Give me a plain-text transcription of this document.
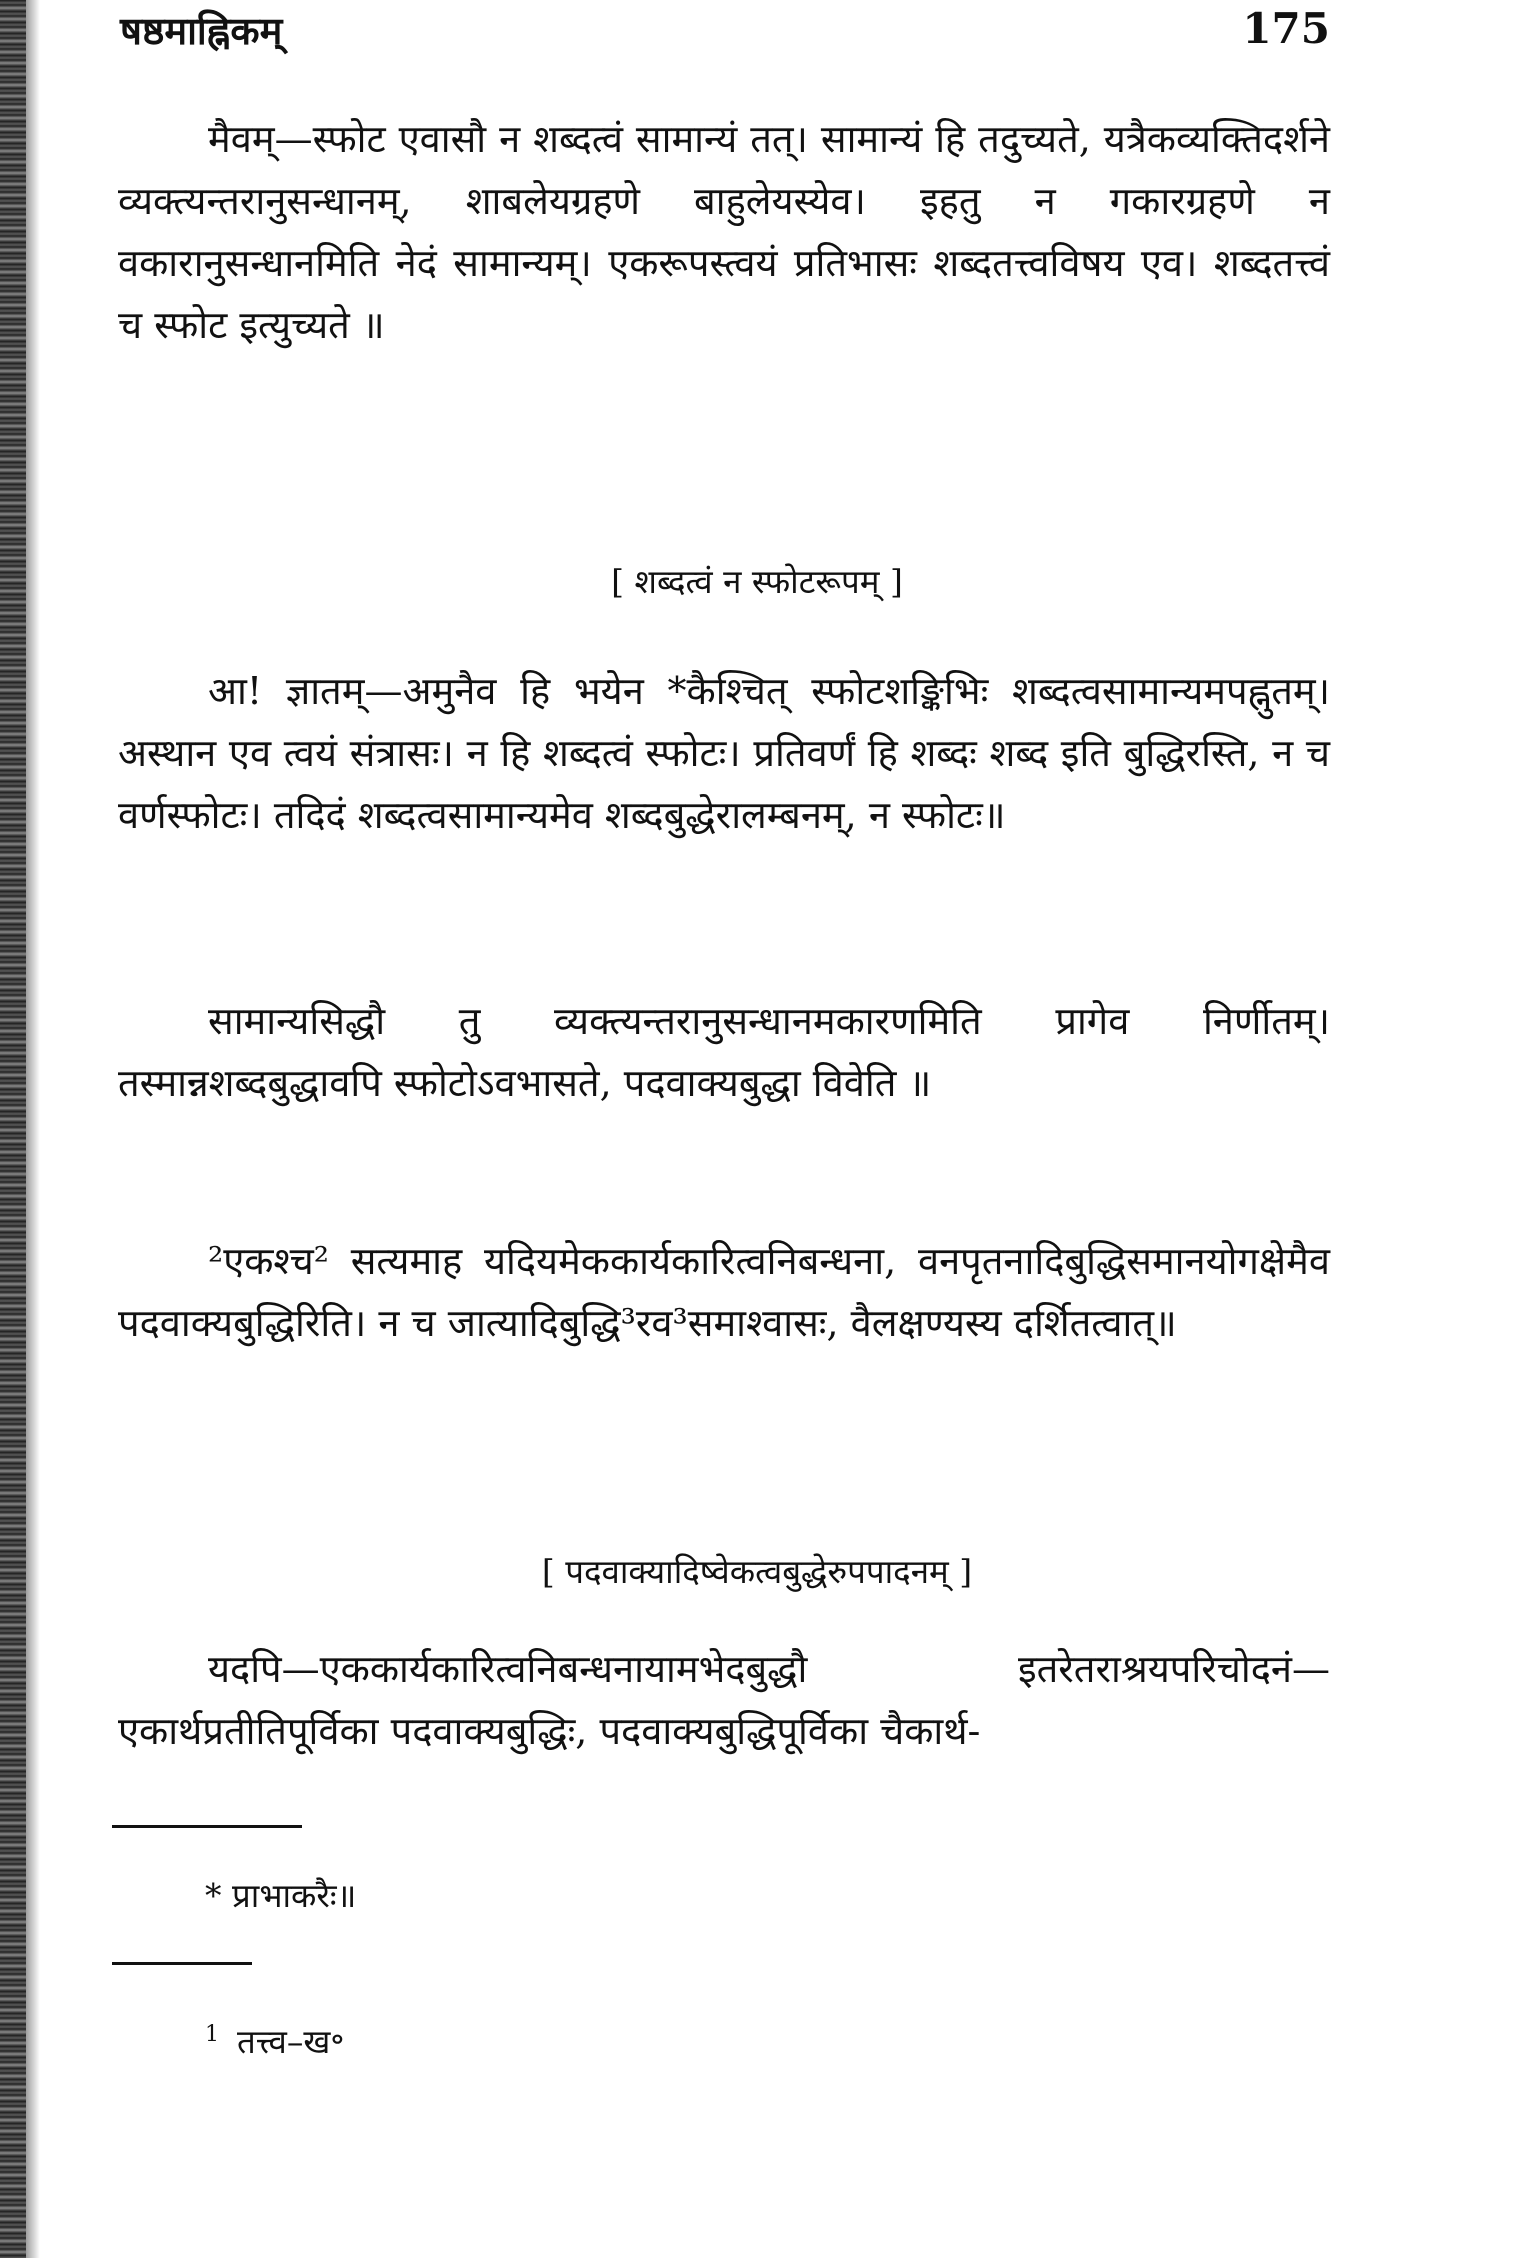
षष्ठमाह्निकम्	175

मैवम्—स्फोट एवासौ न शब्दत्वं सामान्यं तत्। सामान्यं हि तदुच्यते, यत्रैकव्यक्तिदर्शने व्यक्त्यन्तरानुसन्धानम्, शाबलेयग्रहणे बाहुलेयस्येव। इहतु न गकारग्रहणे न वकारानुसन्धानमिति नेदं सामान्यम्। एकरूपस्त्वयं प्रतिभासः शब्दतत्त्वविषय एव। शब्दतत्त्वं च स्फोट इत्युच्यते ॥

[ शब्दत्वं न स्फोटरूपम् ]

आ! ज्ञातम्—अमुनैव हि भयेन *कैश्चित् स्फोटशङ्किभिः शब्दत्वसामान्यमपह्नुतम्। अस्थान एव त्वयं संत्रासः। न हि शब्दत्वं स्फोटः। प्रतिवर्णं हि शब्दः शब्द इति बुद्धिरस्ति, न च वर्णस्फोटः। तदिदं शब्दत्वसामान्यमेव शब्दबुद्धेरालम्बनम्, न स्फोटः॥

सामान्यसिद्धौ तु व्यक्त्यन्तरानुसन्धानमकारणमिति प्रागेव निर्णीतम्। तस्मान्नशब्दबुद्धावपि स्फोटोऽवभासते, पदवाक्यबुद्धा विवेति ॥

²एकश्च² सत्यमाह यदियमेककार्यकारित्वनिबन्धना, वनपृतनादिबुद्धिसमानयोगक्षेमैव पदवाक्यबुद्धिरिति। न च जात्यादिबुद्धि³रव³समाश्वासः, वैलक्षण्यस्य दर्शितत्वात्॥

[ पदवाक्यादिष्वेकत्वबुद्धेरुपपादनम् ]

यदपि—एककार्यकारित्वनिबन्धनायामभेदबुद्धौ इतरेतराश्रयपरिचोदनं—एकार्थप्रतीतिपूर्विका पदवाक्यबुद्धिः, पदवाक्यबुद्धिपूर्विका चैकार्थ-

* प्राभाकरैः॥

$^1$ तत्त्व–ख॰
